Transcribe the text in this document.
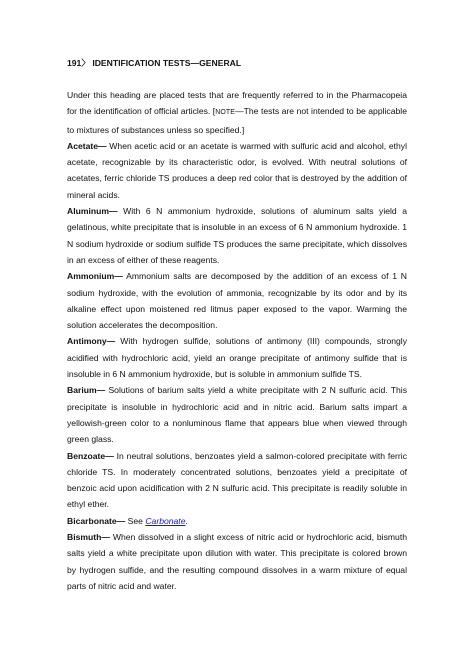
191〉 IDENTIFICATION TESTS—GENERAL

Under this heading are placed tests that are frequently referred to in the Pharmacopeia for the identification of official articles. [NOTE—The tests are not intended to be applicable to mixtures of substances unless so specified.]

Acetate— When acetic acid or an acetate is warmed with sulfuric acid and alcohol, ethyl acetate, recognizable by its characteristic odor, is evolved. With neutral solutions of acetates, ferric chloride TS produces a deep red color that is destroyed by the addition of mineral acids.

Aluminum— With 6 N ammonium hydroxide, solutions of aluminum salts yield a gelatinous, white precipitate that is insoluble in an excess of 6 N ammonium hydroxide. 1 N sodium hydroxide or sodium sulfide TS produces the same precipitate, which dissolves in an excess of either of these reagents.

Ammonium— Ammonium salts are decomposed by the addition of an excess of 1 N sodium hydroxide, with the evolution of ammonia, recognizable by its odor and by its alkaline effect upon moistened red litmus paper exposed to the vapor. Warming the solution accelerates the decomposition.

Antimony— With hydrogen sulfide, solutions of antimony (III) compounds, strongly acidified with hydrochloric acid, yield an orange precipitate of antimony sulfide that is insoluble in 6 N ammonium hydroxide, but is soluble in ammonium sulfide TS.

Barium— Solutions of barium salts yield a white precipitate with 2 N sulfuric acid. This precipitate is insoluble in hydrochloric acid and in nitric acid. Barium salts impart a yellowish-green color to a nonluminous flame that appears blue when viewed through green glass.

Benzoate— In neutral solutions, benzoates yield a salmon-colored precipitate with ferric chloride TS. In moderately concentrated solutions, benzoates yield a precipitate of benzoic acid upon acidification with 2 N sulfuric acid. This precipitate is readily soluble in ethyl ether.

Bicarbonate— See Carbonate.

Bismuth— When dissolved in a slight excess of nitric acid or hydrochloric acid, bismuth salts yield a white precipitate upon dilution with water. This precipitate is colored brown by hydrogen sulfide, and the resulting compound dissolves in a warm mixture of equal parts of nitric acid and water.
